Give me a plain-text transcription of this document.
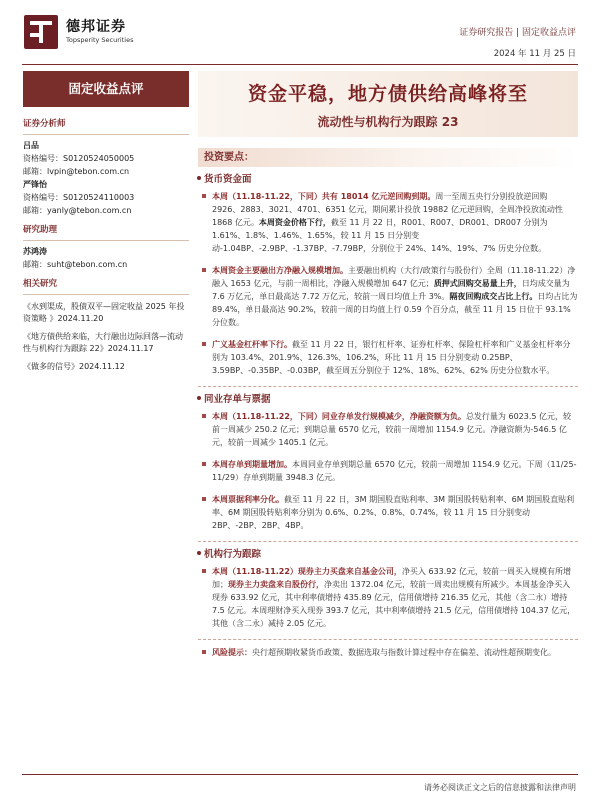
德邦证券
Topsperity Securities
证券研究报告 | 固定收益点评
2024 年 11 月 25 日
固定收益点评	资金平稳，地方债供给高峰将至
流动性与机构行为跟踪 23
证券分析师
吕品
资格编号：S0120524050005
邮箱：lvpin@tebon.com.cn
严锋怡
资格编号：S0120524110003
邮箱：yanly@tebon.com.cn
研究助理
苏鸿涛
邮箱：suht@tebon.com.cn
相关研究
《水到渠成，股债双平—固定收益 2025 年投资策略 》2024.11.20
《地方债供给来临，大行融出边际回落—流动性与机构行为跟踪 22》2024.11.17
《做多的信号》2024.11.12
投资要点：
货币资金面
本周（11.18-11.22，下同）共有 18014 亿元逆回购到期。周一至周五央行分别投放逆回购 2926、2883、3021、4701、6351 亿元，期间累计投放 19882 亿元逆回购，全周净投放流动性 1868 亿元。本周资金价格下行，截至 11 月 22 日，R001、R007、DR001、DR007 分别为 1.61%、1.8%、1.46%、1.65%，较 11 月 15 日分别变动-1.04BP、-2.9BP、-1.37BP、-7.79BP，分别位于 24%、14%、19%、7% 历史分位数。
本周资金主要融出方净融入规模增加。主要融出机构（大行/政策行与股份行）全周（11.18-11.22）净融入 1653 亿元，与前一周相比，净融入规模增加 647 亿元；质押式回购交易量上升，日均成交量为 7.6 万亿元，单日最高达 7.72 万亿元，较前一周日均值上升 3%。隔夜回购成交占比上行。日均占比为 89.4%，单日最高达 90.2%，较前一周的日均值上行 0.59 个百分点，截至 11 月 15 日位于 93.1%分位数。
广义基金杠杆率下行。截至 11 月 22 日，银行杠杆率、证券杠杆率、保险杠杆率和广义基金杠杆率分别为 103.4%、201.9%、126.3%、106.2%，环比 11 月 15 日分别变动 0.25BP、3.59BP、-0.35BP、-0.03BP，截至周五分别位于 12%、18%、62%、62% 历史分位数水平。
同业存单与票据
本周（11.18-11.22，下同）同业存单发行规模减少，净融资额为负。总发行量为 6023.5 亿元，较前一周减少 250.2 亿元；到期总量 6570 亿元，较前一周增加 1154.9 亿元。净融资额为-546.5 亿元，较前一周减少 1405.1 亿元。
本周存单到期量增加。本周同业存单到期总量 6570 亿元，较前一周增加 1154.9 亿元。下周（11/25-11/29）存单到期量 3948.3 亿元。
本周票据利率分化。截至 11 月 22 日，3M 期国股直贴利率、3M 期国股转贴利率、6M 期国股直贴利率、6M 期国股转贴利率分别为 0.6%、0.2%、0.8%、0.74%，较 11 月 15 日分别变动 2BP、-2BP、2BP、4BP。
机构行为跟踪
本周（11.18-11.22）现券主力买盘来自基金公司，净买入 633.92 亿元，较前一周买入规模有所增加；现券主力卖盘来自股份行，净卖出 1372.04 亿元，较前一周卖出规模有所减少。本周基金净买入现券 633.92 亿元，其中利率债增持 435.89 亿元，信用债增持 216.35 亿元，其他（含二永）增持 7.5 亿元。本周理财净买入现券 393.7 亿元，其中利率债增持 21.5 亿元，信用债增持 104.37 亿元，其他（含二永）减持 2.05 亿元。
风险提示：央行超预期收紧货币政策、数据选取与指数计算过程中存在偏差、流动性超预期变化。
请务必阅读正文之后的信息披露和法律声明
